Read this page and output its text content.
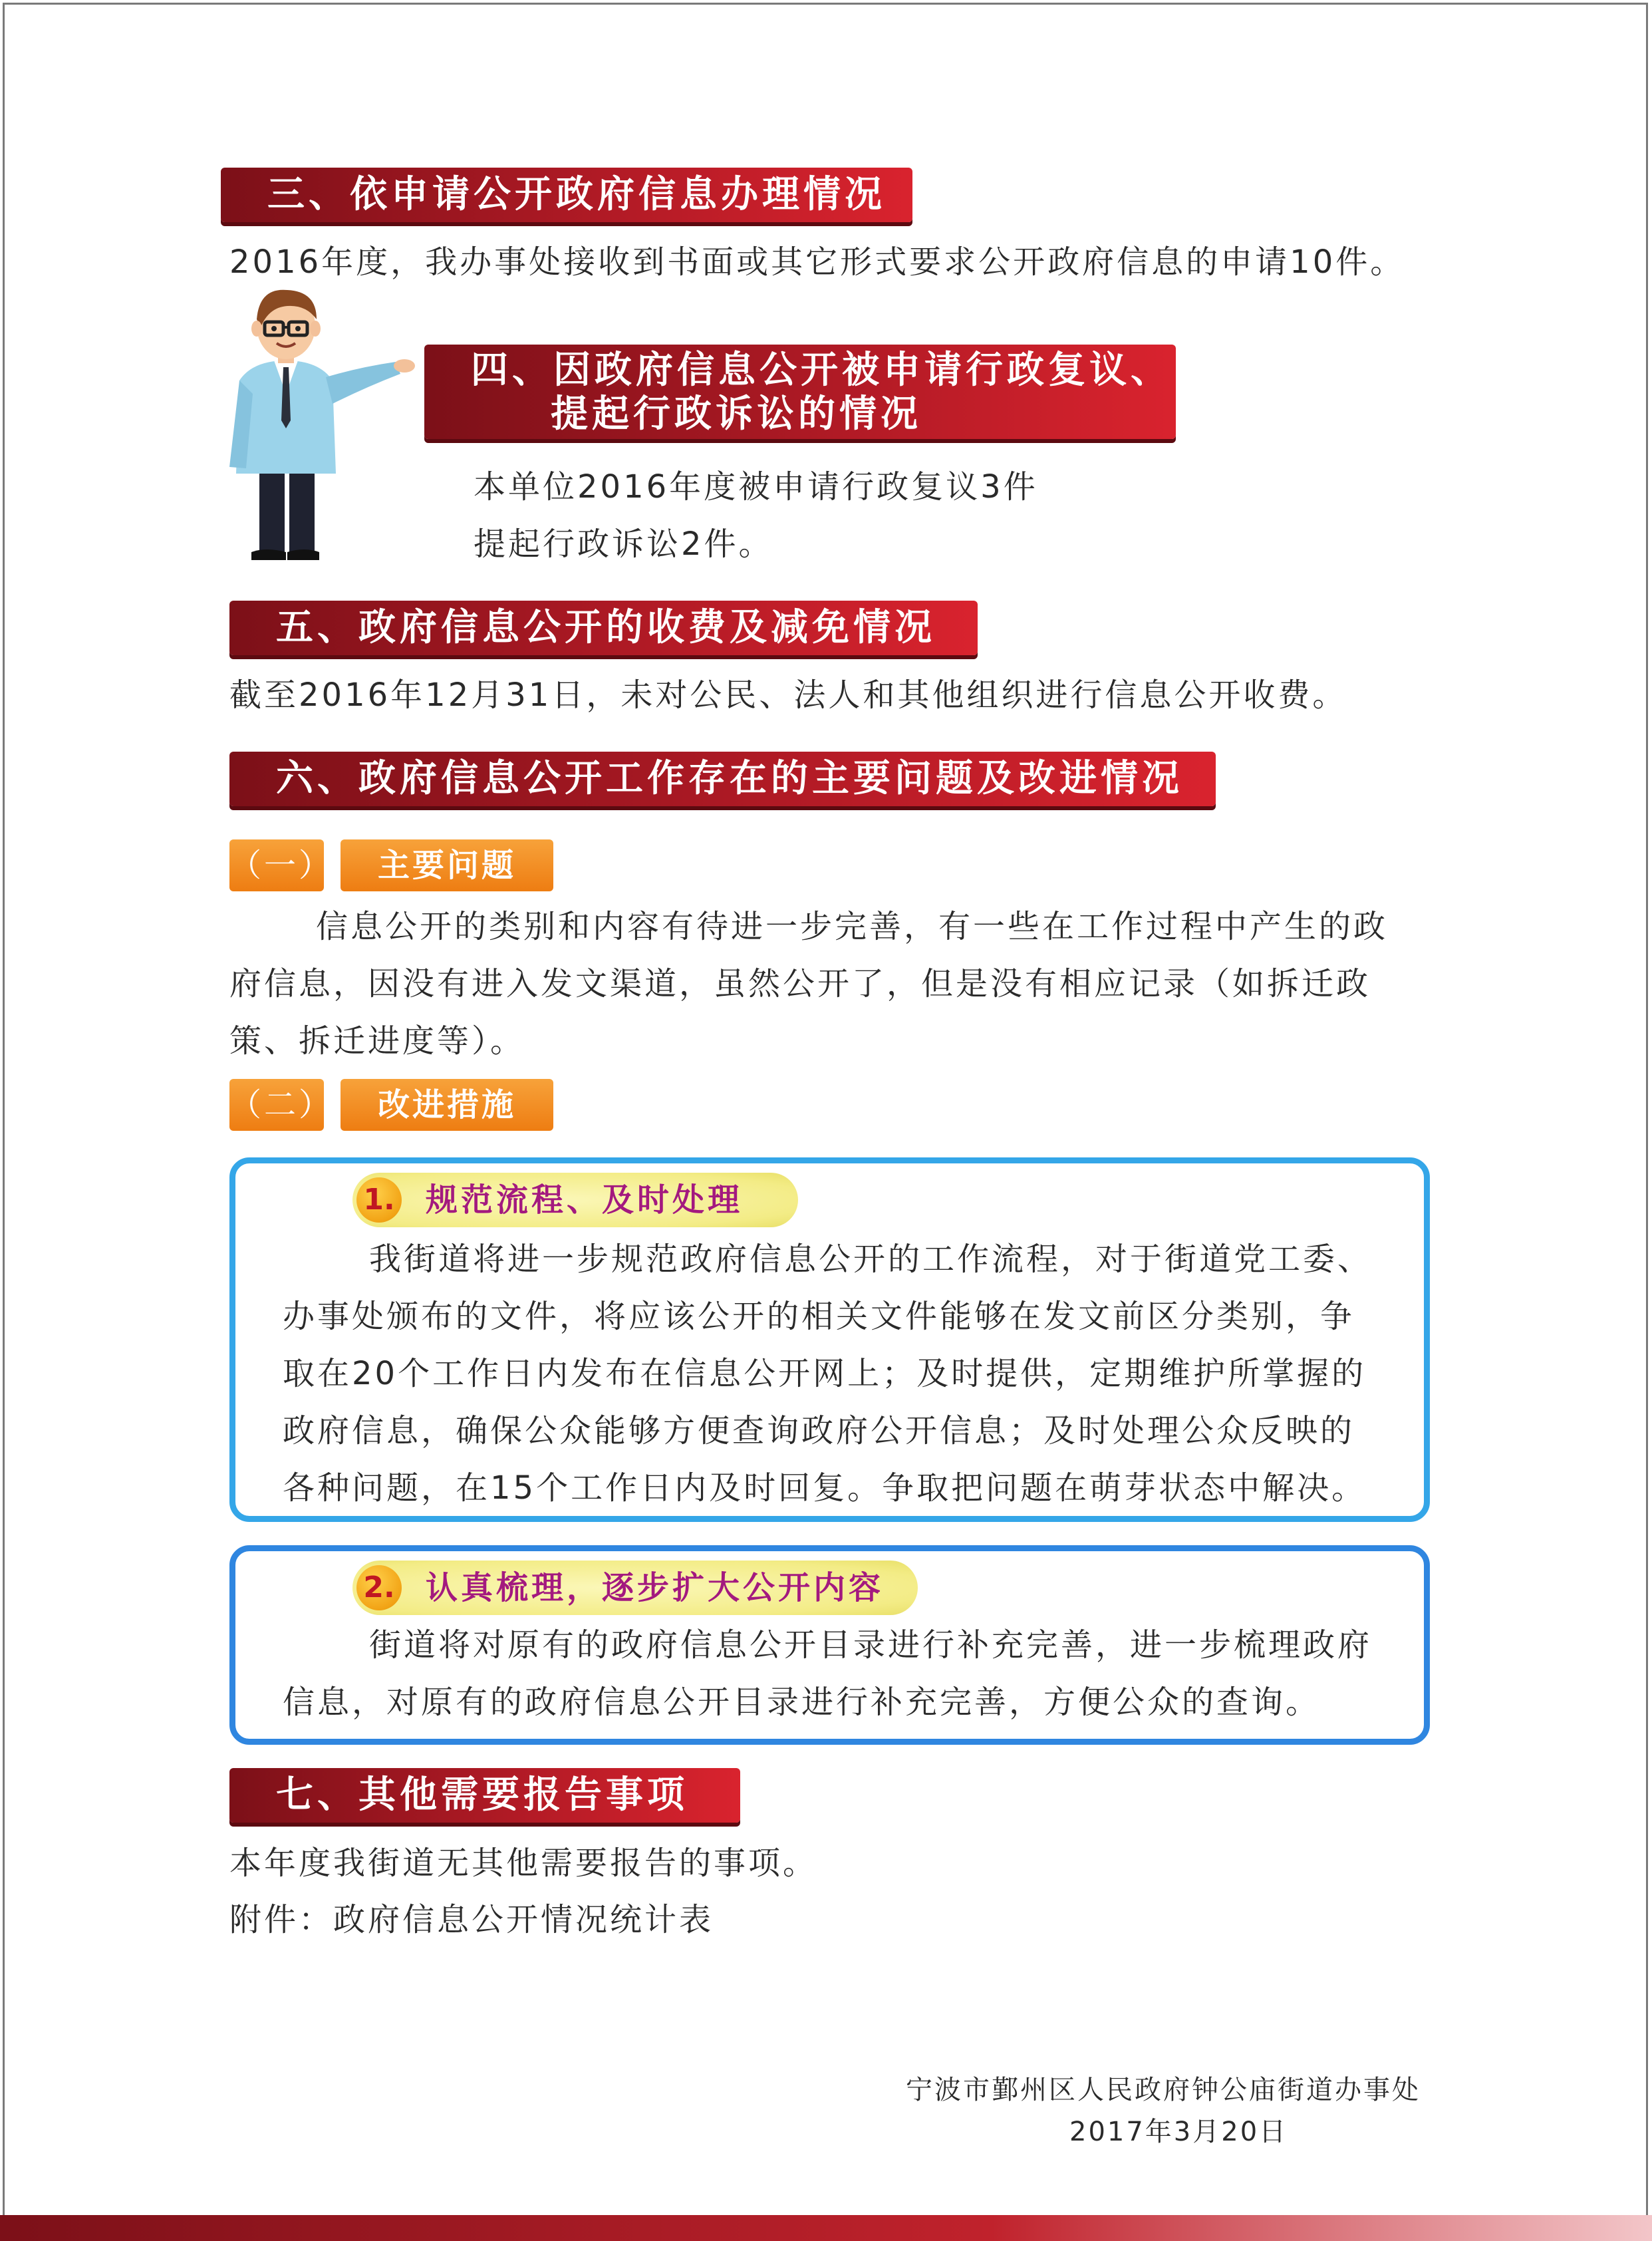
三、依申请公开政府信息办理情况
2016年度，我办事处接收到书面或其它形式要求公开政府信息的申请10件。
四、因政府信息公开被申请行政复议、
提起行政诉讼的情况
本单位2016年度被申请行政复议3件
提起行政诉讼2件。
五、政府信息公开的收费及减免情况
截至2016年12月31日，未对公民、法人和其他组织进行信息公开收费。
六、政府信息公开工作存在的主要问题及改进情况
（一）	主要问题
信息公开的类别和内容有待进一步完善，有一些在工作过程中产生的政
府信息，因没有进入发文渠道，虽然公开了，但是没有相应记录（如拆迁政
策、拆迁进度等）。
（二）	改进措施
1. 规范流程、及时处理
我街道将进一步规范政府信息公开的工作流程，对于街道党工委、
办事处颁布的文件，将应该公开的相关文件能够在发文前区分类别，争
取在20个工作日内发布在信息公开网上；及时提供，定期维护所掌握的
政府信息，确保公众能够方便查询政府公开信息；及时处理公众反映的
各种问题，在15个工作日内及时回复。争取把问题在萌芽状态中解决。
2. 认真梳理，逐步扩大公开内容
街道将对原有的政府信息公开目录进行补充完善，进一步梳理政府
信息，对原有的政府信息公开目录进行补充完善，方便公众的查询。
七、其他需要报告事项
本年度我街道无其他需要报告的事项。
附件：政府信息公开情况统计表
宁波市鄞州区人民政府钟公庙街道办事处
2017年3月20日
